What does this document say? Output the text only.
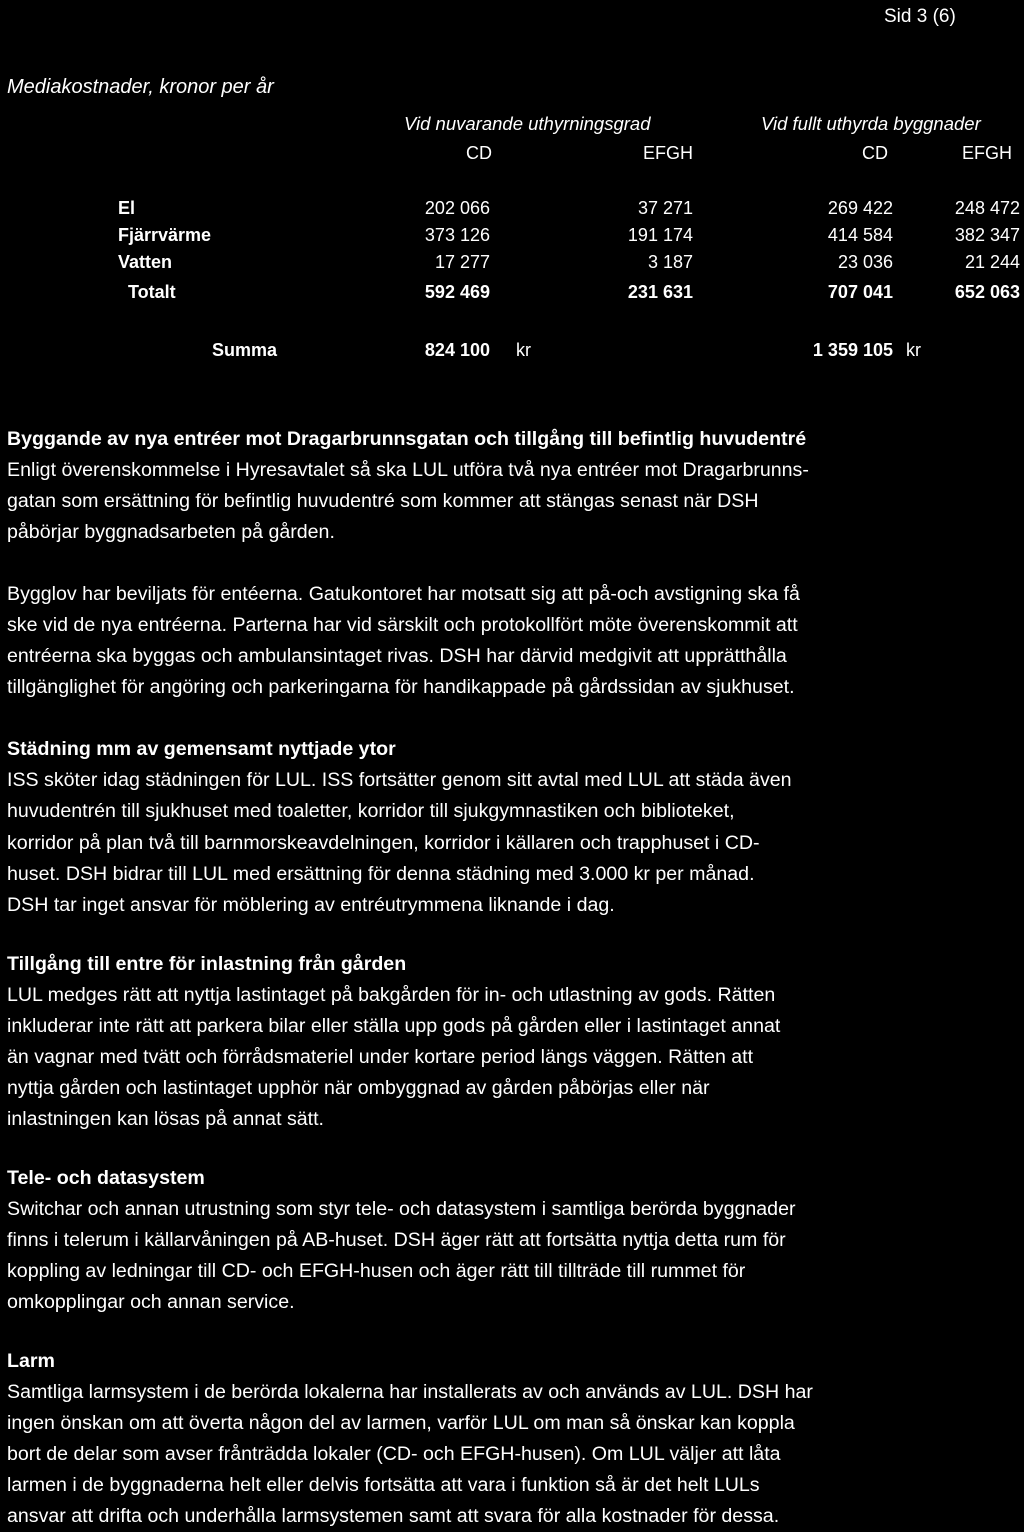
Sid 3 (6)
Mediakostnader, kronor per år
Vid nuvarande uthyrningsgrad	Vid fullt uthyrda byggnader
CD	EFGH	CD	EFGH
El	202 066	37 271	269 422	248 472
Fjärrvärme	373 126	191 174	414 584	382 347
Vatten	17 277	3 187	23 036	21 244
Totalt	592 469	231 631	707 041	652 063
Summa	824 100 kr	1 359 105 kr

Byggande av nya entréer mot Dragarbrunnsgatan och tillgång till befintlig huvudentré

Enligt överenskommelse i Hyresavtalet så ska LUL utföra två nya entréer mot Dragarbrunns-

gatan som ersättning för befintlig huvudentré som kommer att stängas senast när DSH

påbörjar byggnadsarbeten på gården.

Bygglov har beviljats för entéerna. Gatukontoret har motsatt sig att på-och avstigning ska få

ske vid de nya entréerna. Parterna har vid särskilt och protokollfört möte överenskommit att

entréerna ska byggas och ambulansintaget rivas. DSH har därvid medgivit att upprätthålla

tillgänglighet för angöring och parkeringarna för handikappade på gårdssidan av sjukhuset.

Städning mm av gemensamt nyttjade ytor

ISS sköter idag städningen för LUL. ISS fortsätter genom sitt avtal med LUL att städa även

huvudentrén till sjukhuset med toaletter, korridor till sjukgymnastiken och biblioteket,

korridor på plan två till barnmorskeavdelningen, korridor i källaren och trapphuset i CD-

huset. DSH bidrar till LUL med ersättning för denna städning med 3.000 kr per månad.

DSH tar inget ansvar för möblering av entréutrymmena liknande i dag.

Tillgång till entre för inlastning från gården

LUL medges rätt att nyttja lastintaget på bakgården för in- och utlastning av gods. Rätten

inkluderar inte rätt att parkera bilar eller ställa upp gods på gården eller i lastintaget annat

än vagnar med tvätt och förrådsmateriel under kortare period längs väggen. Rätten att

nyttja gården och lastintaget upphör när ombyggnad av gården påbörjas eller när

inlastningen kan lösas på annat sätt.

Tele- och datasystem

Switchar och annan utrustning som styr tele- och datasystem i samtliga berörda byggnader

finns i telerum i källarvåningen på AB-huset. DSH äger rätt att fortsätta nyttja detta rum för

koppling av ledningar till CD- och EFGH-husen och äger rätt till tillträde till rummet för

omkopplingar och annan service.

Larm

Samtliga larmsystem i de berörda lokalerna har installerats av och används av LUL. DSH har

ingen önskan om att överta någon del av larmen, varför LUL om man så önskar kan koppla

bort de delar som avser frånträdda lokaler (CD- och EFGH-husen). Om LUL väljer att låta

larmen i de byggnaderna helt eller delvis fortsätta att vara i funktion så är det helt LULs

ansvar att drifta och underhålla larmsystemen samt att svara för alla kostnader för dessa.
